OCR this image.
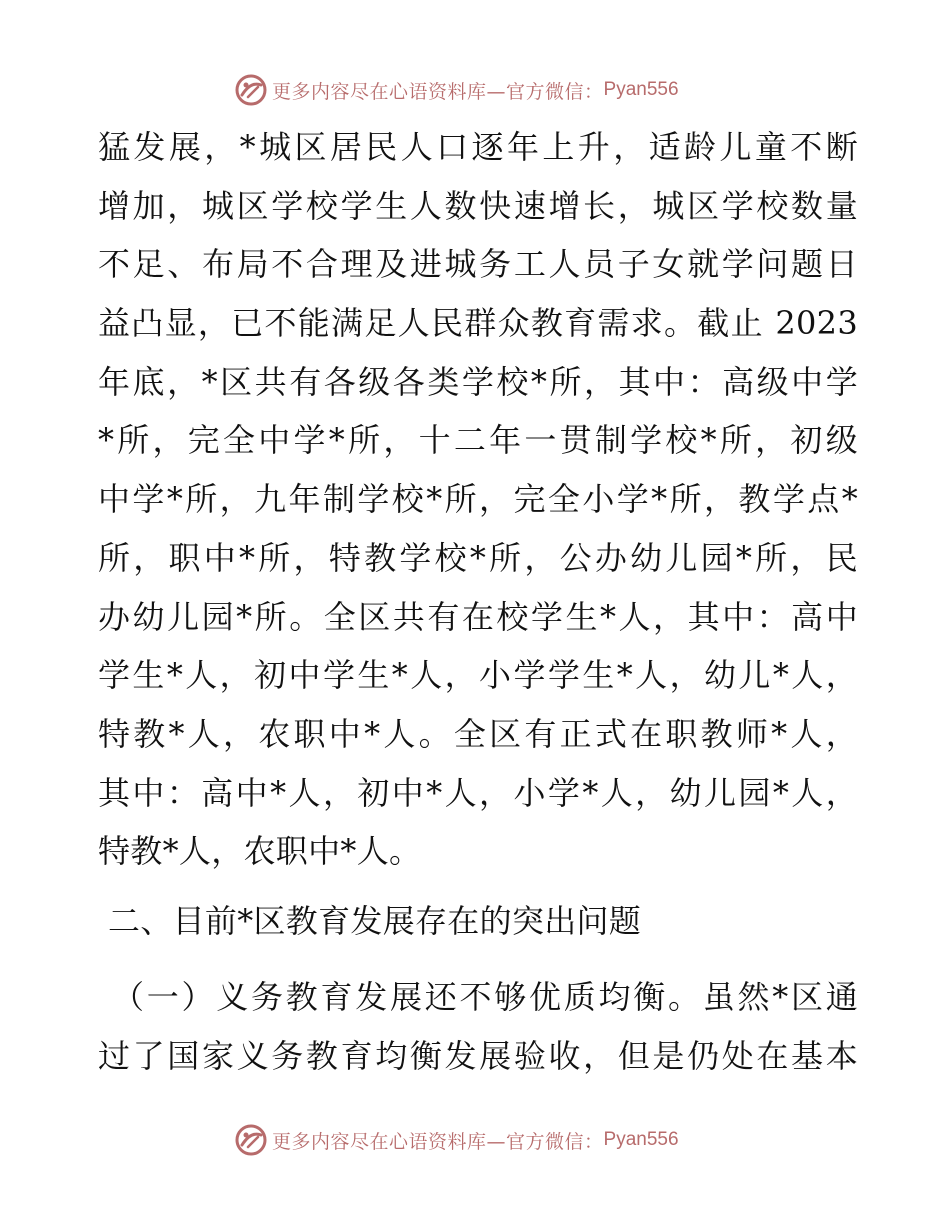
更多内容尽在心语资料库—官方微信： Pyan556
猛发展，*城区居民人口逐年上升，适龄儿童不断
增加，城区学校学生人数快速增长，城区学校数量
不足、布局不合理及进城务工人员子女就学问题日
益凸显，已不能满足人民群众教育需求。截止 2023
年底，*区共有各级各类学校*所，其中：高级中学
*所，完全中学*所，十二年一贯制学校*所，初级
中学*所，九年制学校*所，完全小学*所，教学点*
所，职中*所，特教学校*所，公办幼儿园*所，民
办幼儿园*所。全区共有在校学生*人，其中：高中
学生*人，初中学生*人，小学学生*人，幼儿*人，
特教*人，农职中*人。全区有正式在职教师*人，
其中：高中*人，初中*人，小学*人，幼儿园*人，
特教*人，农职中*人。
二、目前*区教育发展存在的突出问题
（一）义务教育发展还不够优质均衡。虽然*区通
过了国家义务教育均衡发展验收，但是仍处在基本
更多内容尽在心语资料库—官方微信： Pyan556
